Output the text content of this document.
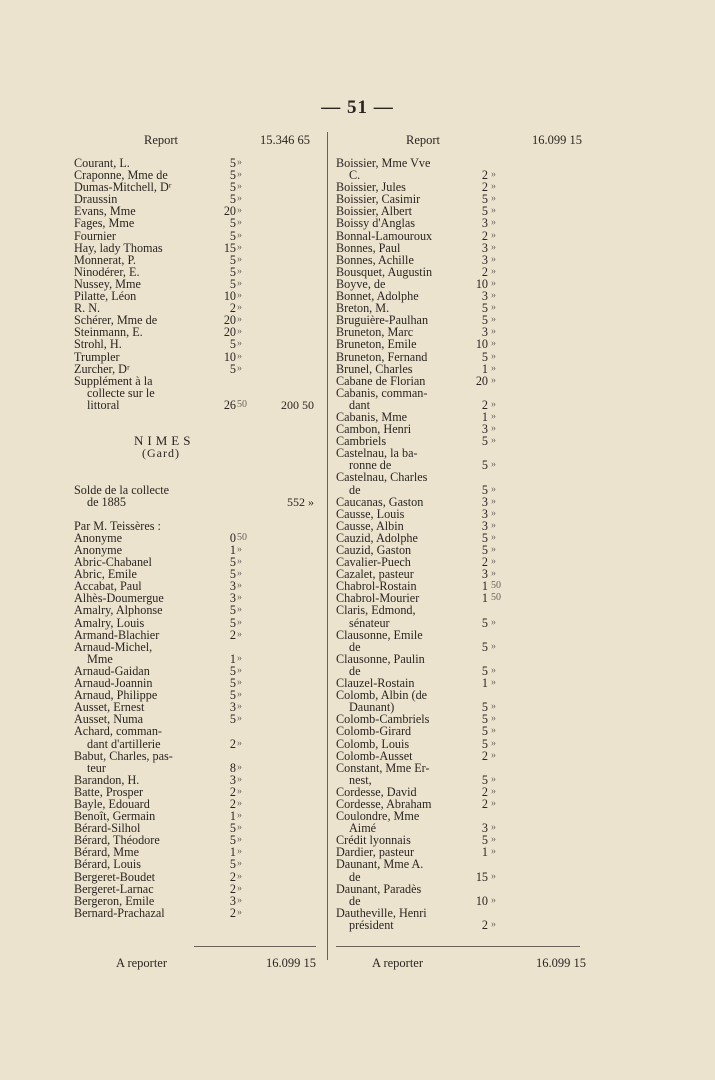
— 51 —
Report	15.346 65
Courant, L.	5 »
Craponne, Mme de	5 »
Dumas-Mitchell, Dʳ	5 »
Draussin	5 »
Evans, Mme	20 »
Fages, Mme	5 »
Fournier	5 »
Hay, lady Thomas	15 »
Monnerat, P.	5 »
Ninodérer, E.	5 »
Nussey, Mme	5 »
Pilatte, Léon	10 »
R. N.	2 »
Schérer, Mme de	20 »
Steinmann, E.	20 »
Strohl, H.	5 »
Trumpler	10 »
Zurcher, Dʳ	5 »
Supplément à la
collecte sur le
littoral	26 50	200 50
NIMES
(Gard)
Solde de la collecte
de 1885	552 »
Par M. Teissères :
Anonyme	0 50
Anonyme	1 »
Abric-Chabanel	5 »
Abric, Emile	5 »
Accabat, Paul	3 »
Alhès-Doumergue	3 »
Amalry, Alphonse	5 »
Amalry, Louis	5 »
Armand-Blachier	2 »
Arnaud-Michel,
Mme	1 »
Arnaud-Gaidan	5 »
Arnaud-Joannin	5 »
Arnaud, Philippe	5 »
Ausset, Ernest	3 »
Ausset, Numa	5 »
Achard, comman-
dant d'artillerie	2 »
Babut, Charles, pas-
teur	8 »
Barandon, H.	3 »
Batte, Prosper	2 »
Bayle, Edouard	2 »
Benoît, Germain	1 »
Bérard-Silhol	5 »
Bérard, Théodore	5 »
Bérard, Mme	1 »
Bérard, Louis	5 »
Bergeret-Boudet	2 »
Bergeret-Larnac	2 »
Bergeron, Emile	3 »
Bernard-Prachazal	2 »
A reporter	16.099 15
Report	16.099 15
Boissier, Mme Vve
C.	2 »
Boissier, Jules	2 »
Boissier, Casimir	5 »
Boissier, Albert	5 »
Boissy d'Anglas	3 »
Bonnal-Lamouroux	2 »
Bonnes, Paul	3 »
Bonnes, Achille	3 »
Bousquet, Augustin	2 »
Boyve, de	10 »
Bonnet, Adolphe	3 »
Breton, M.	5 »
Bruguière-Paulhan	5 »
Bruneton, Marc	3 »
Bruneton, Emile	10 »
Bruneton, Fernand	5 »
Brunel, Charles	1 »
Cabane de Florian	20 »
Cabanis, comman-
dant	2 »
Cabanis, Mme	1 »
Cambon, Henri	3 »
Cambriels	5 »
Castelnau, la ba-
ronne de	5 »
Castelnau, Charles
de	5 »
Caucanas, Gaston	3 »
Causse, Louis	3 »
Causse, Albin	3 »
Cauzid, Adolphe	5 »
Cauzid, Gaston	5 »
Cavalier-Puech	2 »
Cazalet, pasteur	3 »
Chabrol-Rostain	1 50
Chabrol-Mourier	1 50
Claris, Edmond,
sénateur	5 »
Clausonne, Emile
de	5 »
Clausonne, Paulin
de	5 »
Clauzel-Rostain	1 »
Colomb, Albin (de
Daunant)	5 »
Colomb-Cambriels	5 »
Colomb-Girard	5 »
Colomb, Louis	5 »
Colomb-Ausset	2 »
Constant, Mme Er-
nest,	5 »
Cordesse, David	2 »
Cordesse, Abraham	2 »
Coulondre, Mme
Aimé	3 »
Crédit lyonnais	5 »
Dardier, pasteur	1 »
Daunant, Mme A.
de	15 »
Daunant, Paradès
de	10 »
Dautheville, Henri
président	2 »
A reporter	16.099 15
